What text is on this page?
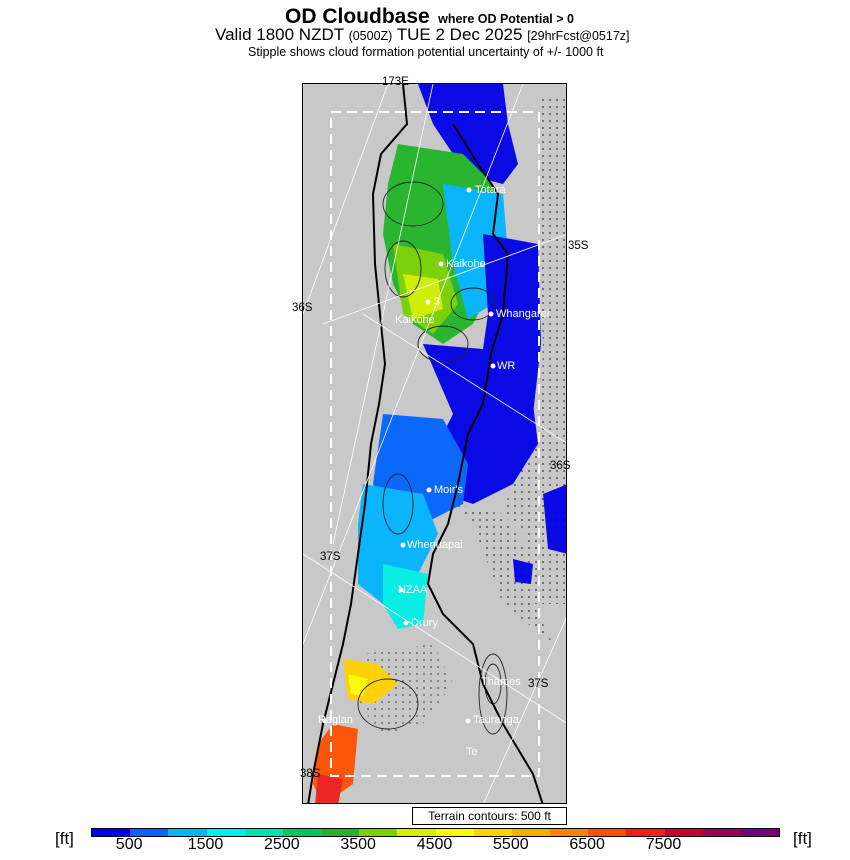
OD Cloudbase where OD Potential > 0
Valid 1800 NZDT (0500Z) TUE 2 Dec 2025 [29hrFcst@0517z]
Stipple shows cloud formation potential uncertainty of +/- 1000 ft
Totara
Kaikohe
3
Kaikohe	Whangarei
WR
Moir's
Whenuapai
NZAA
Drury
Thames
Raglan	Tauranga
Te
173E
35S
36S
36S
37S
37S
38S
Terrain contours: 500 ft
[ft]	[ft]
500	1500	2500	3500	4500	5500	6500	7500
